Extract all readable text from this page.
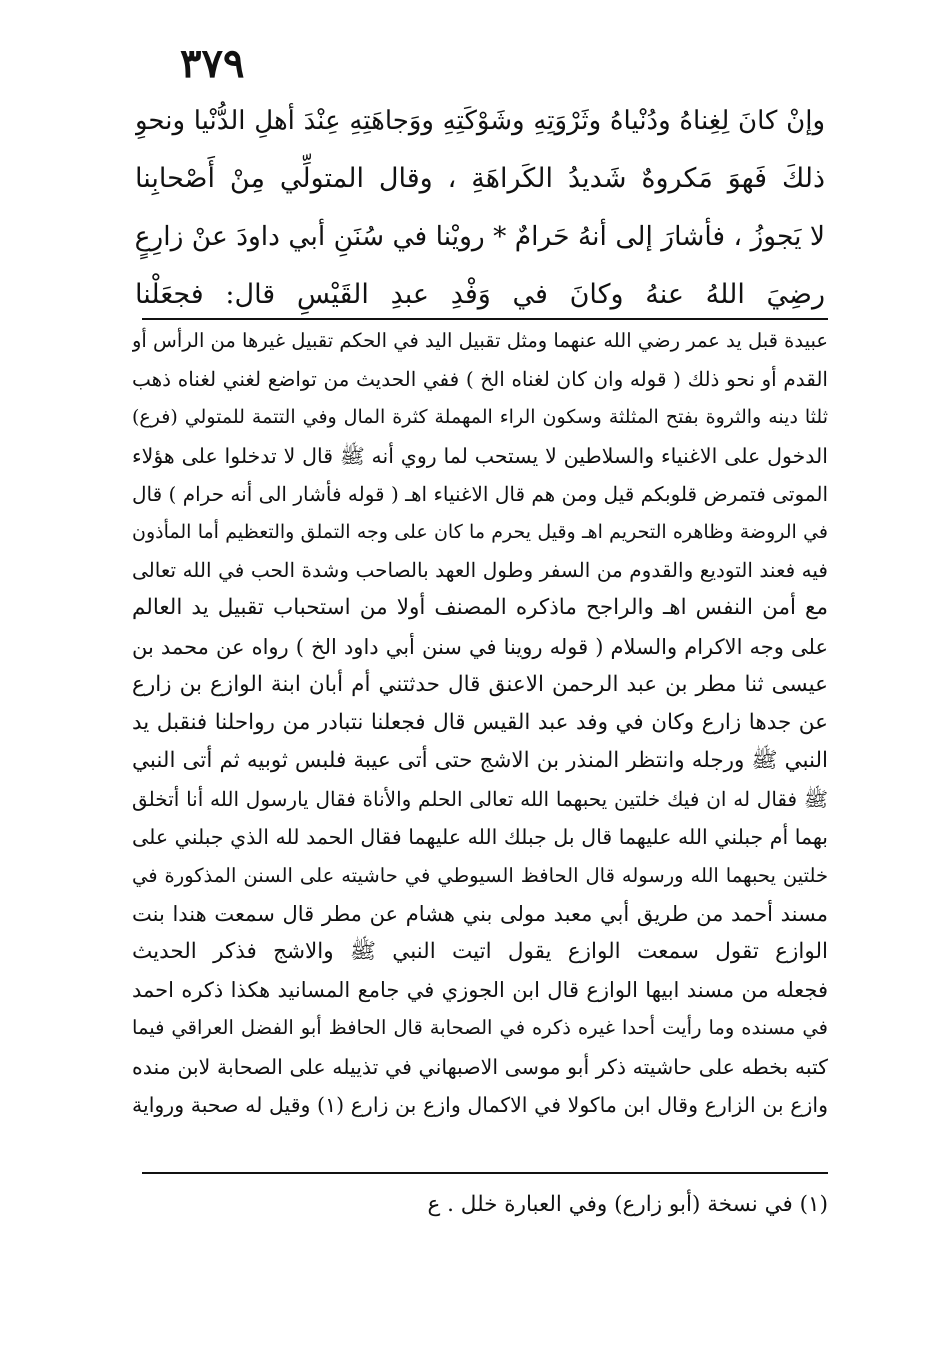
٣٧٩
وإنْ كانَ لِغِناهُ ودُنْياهُ وثَرْوَتِهِ وشَوْكَتِهِ ووَجاهَتِهِ عِنْدَ أهلِ الدُّنْيا ونحوِ
ذلكَ فَهوَ مَكروهٌ شَديدُ الكَراهَةِ ، وقال المتولِّي مِنْ أَصْحابِنا
لا يَجوزُ ، فأشارَ إلى أنهُ حَرامٌ * رويْنا في سُنَنِ أبي داودَ عنْ زارِعٍ
رضِيَ اللهُ عنهُ وكانَ في وَفْدِ عبدِ القَيْسِ قال: فجعَلْنا
عبيدة قبل يد عمر رضي الله عنهما ومثل تقبيل اليد في الحكم تقبيل غيرها من الرأس أو
القدم أو نحو ذلك ( قوله وان كان لغناه الخ ) ففي الحديث من تواضع لغني لغناه ذهب
ثلثا دينه والثروة بفتح المثلثة وسكون الراء المهملة كثرة المال وفي التتمة للمتولي (فرع)
الدخول على الاغنياء والسلاطين لا يستحب لما روي أنه ﷺ قال لا تدخلوا على هؤلاء
الموتى فتمرض قلوبكم قيل ومن هم قال الاغنياء اهـ ( قوله فأشار الى أنه حرام ) قال
في الروضة وظاهره التحريم اهـ وقيل يحرم ما كان على وجه التملق والتعظيم أما المأذون
فيه فعند التوديع والقدوم من السفر وطول العهد بالصاحب وشدة الحب في الله تعالى
مع أمن النفس اهـ والراجح ماذكره المصنف أولا من استحباب تقبيل يد العالم
على وجه الاكرام والسلام ( قوله روينا في سنن أبي داود الخ ) رواه عن محمد بن
عيسى ثنا مطر بن عبد الرحمن الاعنق قال حدثتني أم أبان ابنة الوازع بن زارع
عن جدها زارع وكان في وفد عبد القيس قال فجعلنا نتبادر من رواحلنا فنقبل يد
النبي ﷺ ورجله وانتظر المنذر بن الاشج حتى أتى عيبة فلبس ثوبيه ثم أتى النبي
ﷺ فقال له ان فيك خلتين يحبهما الله تعالى الحلم والأناة فقال يارسول الله أنا أتخلق
بهما أم جبلني الله عليهما قال بل جبلك الله عليهما فقال الحمد لله الذي جبلني على
خلتين يحبهما الله ورسوله قال الحافظ السيوطي في حاشيته على السنن المذكورة في
مسند أحمد من طريق أبي معبد مولى بني هشام عن مطر قال سمعت هندا بنت
الوازع تقول سمعت الوازع يقول اتيت النبي ﷺ والاشج فذكر الحديث
فجعله من مسند ابيها الوازع قال ابن الجوزي في جامع المسانيد هكذا ذكره احمد
في مسنده وما رأيت أحدا غيره ذكره في الصحابة قال الحافظ أبو الفضل العراقي فيما
كتبه بخطه على حاشيته ذكر أبو موسى الاصبهاني في تذييله على الصحابة لابن منده
وازع بن الزارع وقال ابن ماكولا في الاكمال وازع بن زارع (١) وقيل له صحبة ورواية
(١) في نسخة (أبو زارع) وفي العبارة خلل . ع
